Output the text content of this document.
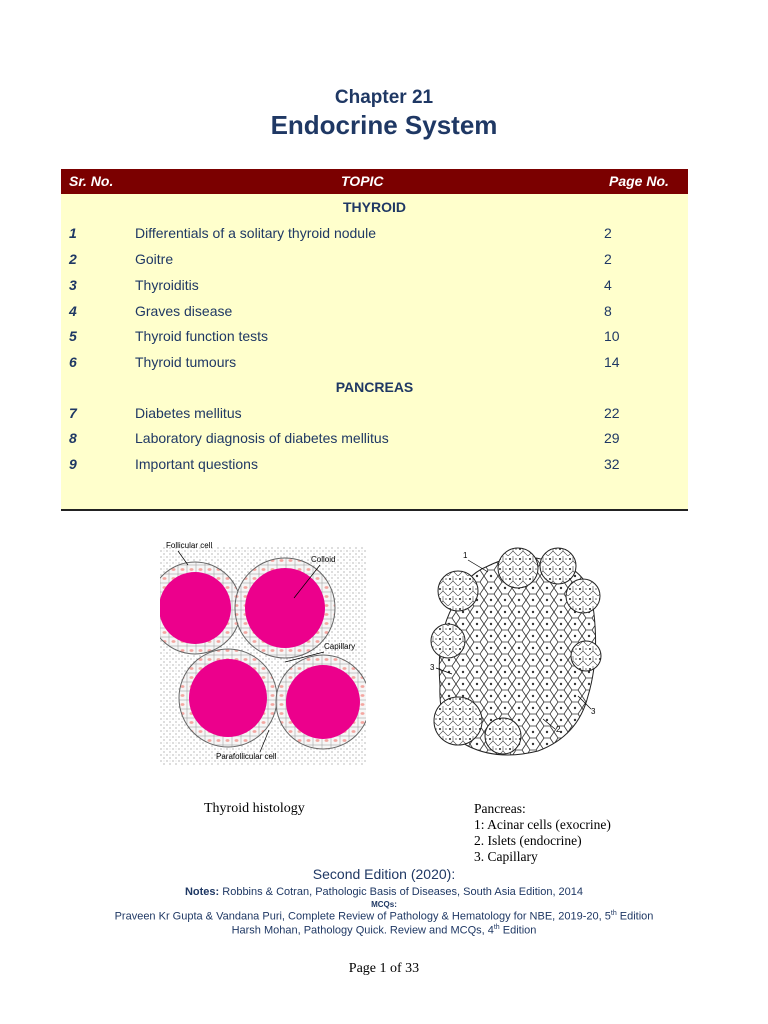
Chapter 21
Endocrine System
Sr. No.	TOPIC	Page No.
THYROID
1	Differentials of a solitary thyroid nodule	2
2	Goitre	2
3	Thyroiditis	4
4	Graves disease	8
5	Thyroid function tests	10
6	Thyroid tumours	14
PANCREAS
7	Diabetes mellitus	22
8	Laboratory diagnosis of diabetes mellitus	29
9	Important questions	32
Follicular cell
Colloid
Capillary
Parafollicular cell
1
2
3
3
Thyroid histology	Pancreas:
1: Acinar cells (exocrine)
2. Islets (endocrine)
3. Capillary
Second Edition (2020):
Notes: Robbins & Cotran, Pathologic Basis of Diseases, South Asia Edition, 2014
MCQs:
Praveen Kr Gupta & Vandana Puri, Complete Review of Pathology & Hematology for NBE, 2019-20, 5th Edition
Harsh Mohan, Pathology Quick. Review and MCQs, 4th Edition
Page 1 of 33
